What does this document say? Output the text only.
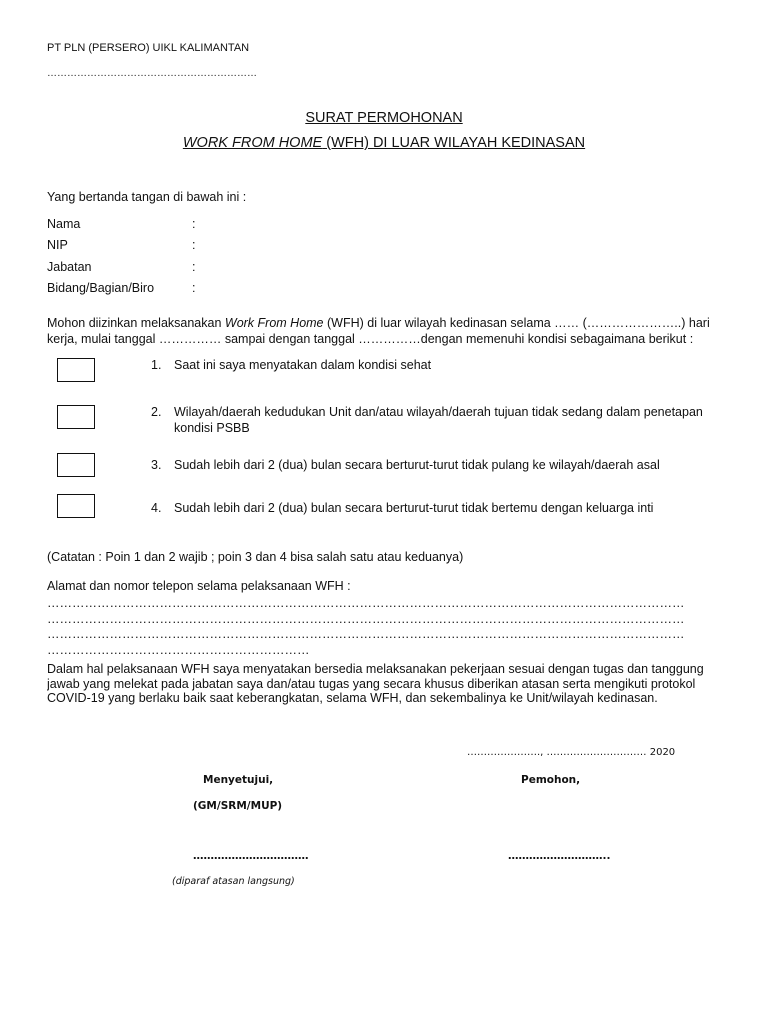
PT PLN (PERSERO) UIKL KALIMANTAN
………………………………………………………
SURAT PERMOHONAN
WORK FROM HOME (WFH) DI LUAR WILAYAH KEDINASAN
Yang bertanda tangan di bawah ini :
Nama	:
NIP	:
Jabatan	:
Bidang/Bagian/Biro	:
Mohon diizinkan melaksanakan Work From Home (WFH) di luar wilayah kedinasan selama …… (…………………..) hari
kerja, mulai tanggal …………… sampai dengan tanggal ……………dengan memenuhi kondisi sebagaimana berikut :
1. Saat ini saya menyatakan dalam kondisi sehat
2. Wilayah/daerah kedudukan Unit dan/atau wilayah/daerah tujuan tidak sedang dalam penetapan
kondisi PSBB
3. Sudah lebih dari 2 (dua) bulan secara berturut-turut tidak pulang ke wilayah/daerah asal
4. Sudah lebih dari 2 (dua) bulan secara berturut-turut tidak bertemu dengan keluarga inti
(Catatan : Poin 1 dan 2 wajib ; poin 3 dan 4 bisa salah satu atau keduanya)
Alamat dan nomor telepon selama pelaksanaan WFH :
………………………………………………………………………………………………………………………………………
………………………………………………………………………………………………………………………………………
………………………………………………………………………………………………………………………………………
………………………………………………………
Dalam hal pelaksanaan WFH saya menyatakan bersedia melaksanakan pekerjaan sesuai dengan tugas dan tanggung
jawab yang melekat pada jabatan saya dan/atau tugas yang secara khusus diberikan atasan serta mengikuti protokol
COVID-19 yang berlaku baik saat keberangkatan, selama WFH, dan sekembalinya ke Unit/wilayah kedinasan.
…………………., ………………………… 2020
Menyetujui,	Pemohon,
(GM/SRM/MUP)
……………………………	………………………..
(diparaf atasan langsung)
